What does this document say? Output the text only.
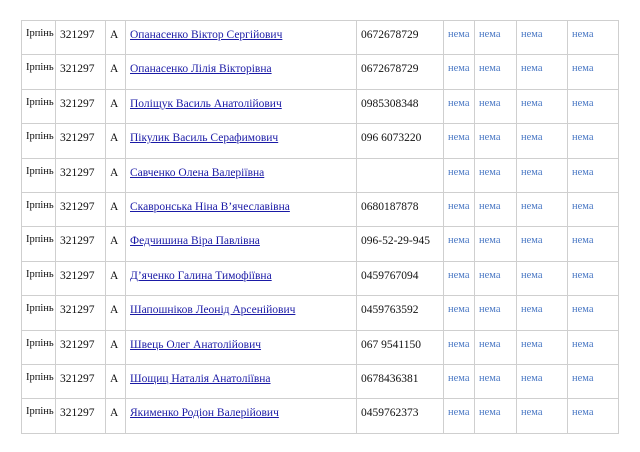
Ірпінь	321297	А	Опанасенко Віктор Сергійович	0672678729	нема	нема	нема	нема
Ірпінь	321297	А	Опанасенко Лілія Вікторівна	0672678729	нема	нема	нема	нема
Ірпінь	321297	А	Поліщук Василь Анатолійович	0985308348	нема	нема	нема	нема
Ірпінь	321297	А	Пікулик Василь Серафимович	096 6073220	нема	нема	нема	нема
Ірпінь	321297	А	Савченко Олена Валеріївна		нема	нема	нема	нема
Ірпінь	321297	А	Скавронська Ніна В’ячеславівна	0680187878	нема	нема	нема	нема
Ірпінь	321297	А	Федчишина Віра Павлівна	096-52-29-945	нема	нема	нема	нема
Ірпінь	321297	А	Д’яченко Галина Тимофіївна	0459767094	нема	нема	нема	нема
Ірпінь	321297	А	Шапошніков Леонід Арсенійович	0459763592	нема	нема	нема	нема
Ірпінь	321297	А	Швець Олег Анатолійович	067 9541150	нема	нема	нема	нема
Ірпінь	321297	А	Шощиц Наталія Анатоліївна	0678436381	нема	нема	нема	нема
Ірпінь	321297	А	Якименко Родіон Валерійович	0459762373	нема	нема	нема	нема
